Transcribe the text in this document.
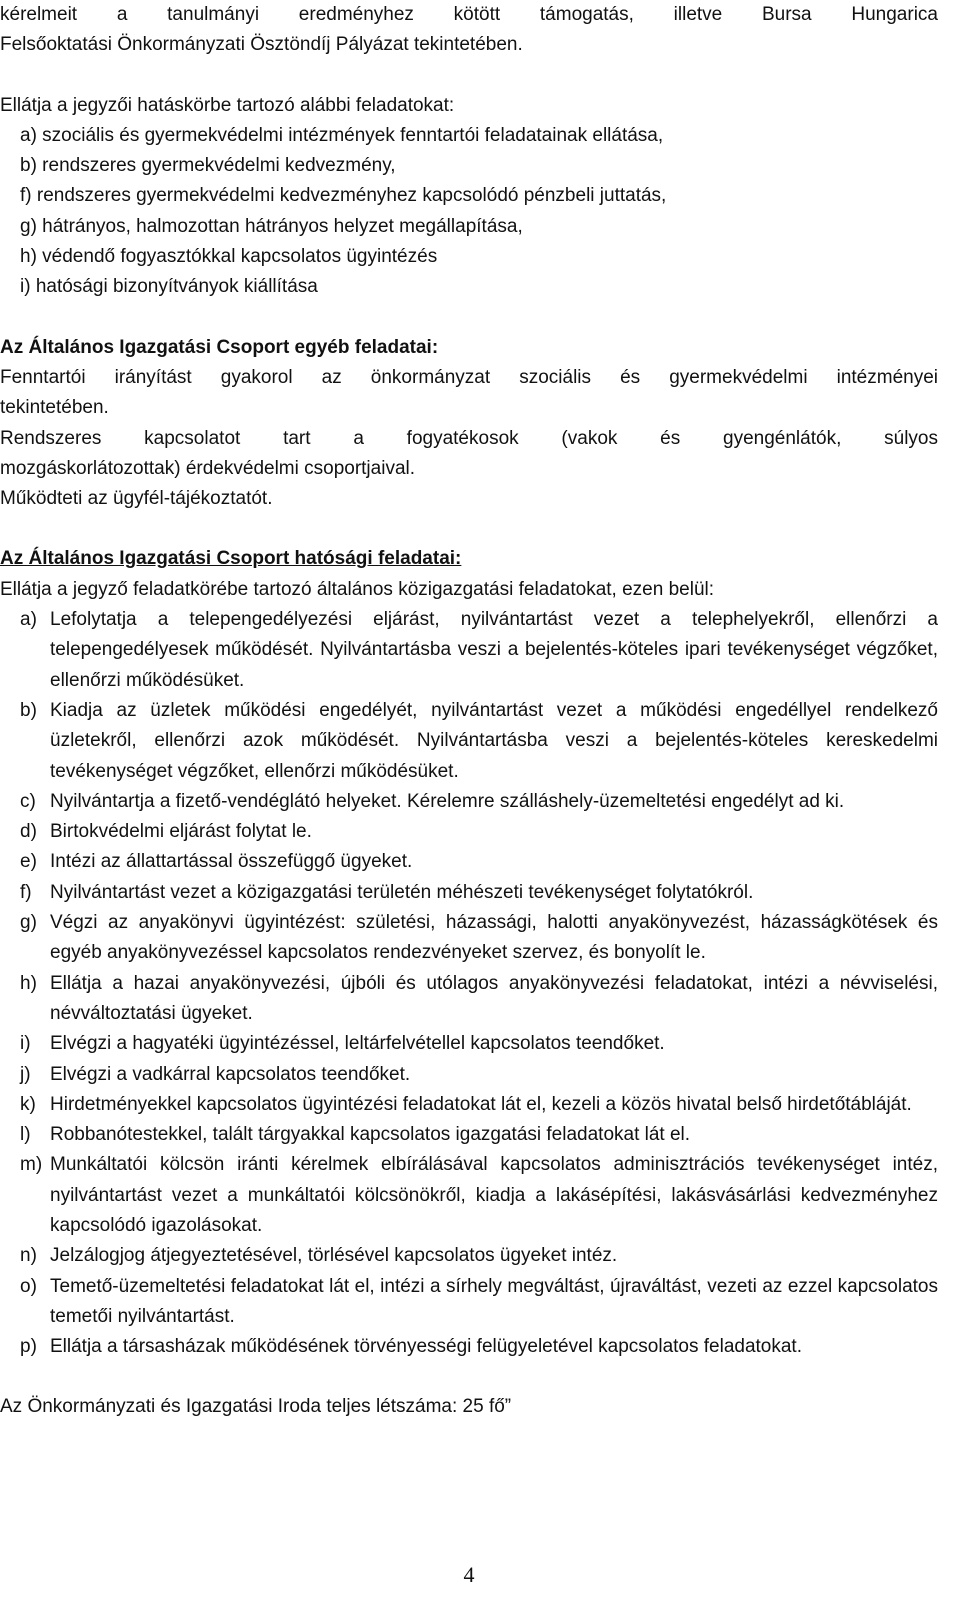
kérelmeit a tanulmányi eredményhez kötött támogatás, illetve Bursa Hungarica

Felsőoktatási Önkormányzati Ösztöndíj Pályázat tekintetében.

Ellátja a jegyzői hatáskörbe tartozó alábbi feladatokat:

a) szociális és gyermekvédelmi intézmények fenntartói feladatainak ellátása,

b) rendszeres gyermekvédelmi kedvezmény,

f) rendszeres gyermekvédelmi kedvezményhez kapcsolódó pénzbeli juttatás,

g) hátrányos, halmozottan hátrányos helyzet megállapítása,

h) védendő fogyasztókkal kapcsolatos ügyintézés

i) hatósági bizonyítványok kiállítása

Az Általános Igazgatási Csoport egyéb feladatai:

Fenntartói irányítást gyakorol az önkormányzat szociális és gyermekvédelmi intézményei

tekintetében.

Rendszeres kapcsolatot tart a fogyatékosok (vakok és gyengénlátók, súlyos

mozgáskorlátozottak) érdekvédelmi csoportjaival.

Működteti az ügyfél-tájékoztatót.

Az Általános Igazgatási Csoport hatósági feladatai:

Ellátja a jegyző feladatkörébe tartozó általános közigazgatási feladatokat, ezen belül:

a) Lefolytatja a telepengedélyezési eljárást, nyilvántartást vezet a telephelyekről, ellenőrzi a telepengedélyesek működését. Nyilvántartásba veszi a bejelentés-köteles ipari tevékenységet végzőket, ellenőrzi működésüket.
b) Kiadja az üzletek működési engedélyét, nyilvántartást vezet a működési engedéllyel rendelkező üzletekről, ellenőrzi azok működését. Nyilvántartásba veszi a bejelentés-köteles kereskedelmi tevékenységet végzőket, ellenőrzi működésüket.
c) Nyilvántartja a fizető-vendéglátó helyeket. Kérelemre szálláshely-üzemeltetési engedélyt ad ki.
d) Birtokvédelmi eljárást folytat le.
e) Intézi az állattartással összefüggő ügyeket.
f) Nyilvántartást vezet a közigazgatási területén méhészeti tevékenységet folytatókról.
g) Végzi az anyakönyvi ügyintézést: születési, házassági, halotti anyakönyvezést, házasságkötések és egyéb anyakönyvezéssel kapcsolatos rendezvényeket szervez, és bonyolít le.
h) Ellátja a hazai anyakönyvezési, újbóli és utólagos anyakönyvezési feladatokat, intézi a névviselési, névváltoztatási ügyeket.
i)	Elvégzi a hagyatéki ügyintézéssel, leltárfelvétellel kapcsolatos teendőket.
j)	Elvégzi a vadkárral kapcsolatos teendőket.
k) Hirdetményekkel kapcsolatos ügyintézési feladatokat lát el, kezeli a közös hivatal belső hirdetőtábláját.
l)	Robbanótestekkel, talált tárgyakkal kapcsolatos igazgatási feladatokat lát el.
m) Munkáltatói kölcsön iránti kérelmek elbírálásával kapcsolatos adminisztrációs tevékenységet intéz, nyilvántartást vezet a munkáltatói kölcsönökről, kiadja a lakásépítési, lakásvásárlási kedvezményhez kapcsolódó igazolásokat.
n) Jelzálogjog átjegyeztetésével, törlésével kapcsolatos ügyeket intéz.
o) Temető-üzemeltetési feladatokat lát el, intézi a sírhely megváltást, újraváltást, vezeti az ezzel kapcsolatos temetői nyilvántartást.
p) Ellátja a társasházak működésének törvényességi felügyeletével kapcsolatos feladatokat.

Az Önkormányzati és Igazgatási Iroda teljes létszáma: 25 fő”

4
